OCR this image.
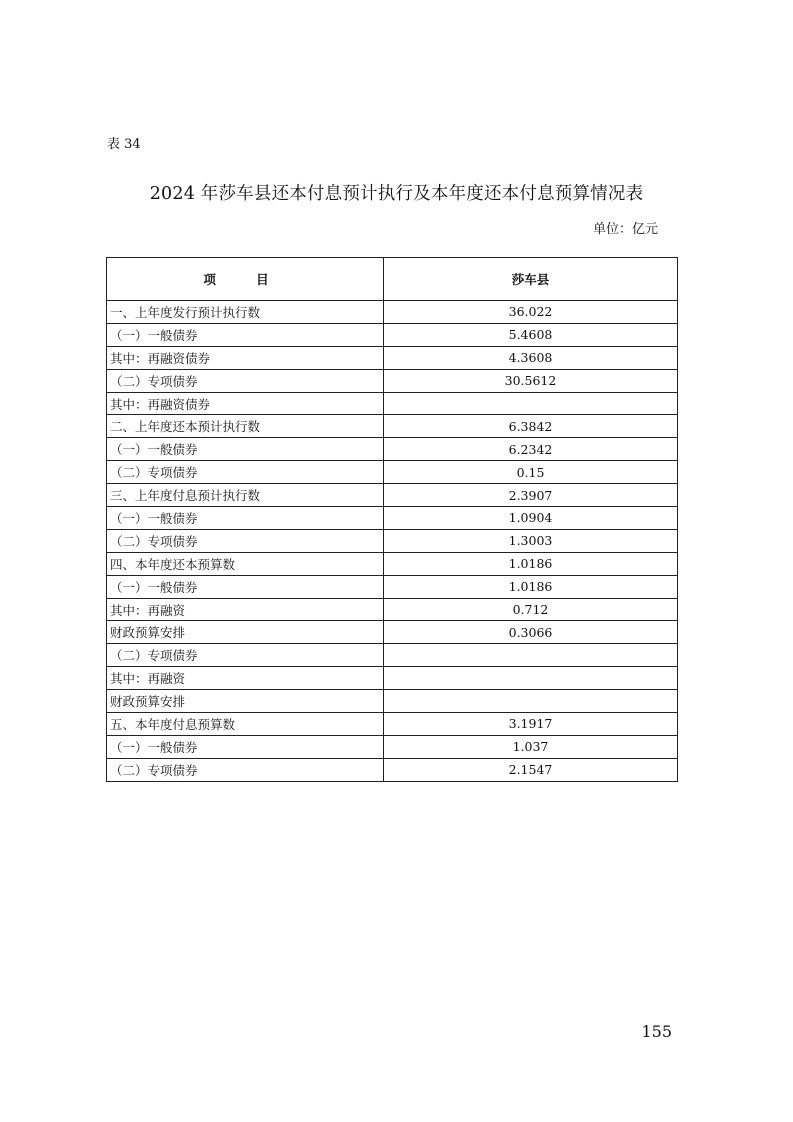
表 34
2024 年莎车县还本付息预计执行及本年度还本付息预算情况表
单位：亿元
项 目	莎车县
一、上年度发行预计执行数	36.022
（一）一般债券	5.4608
其中：再融资债券	4.3608
（二）专项债券	30.5612
其中：再融资债券	
二、上年度还本预计执行数	6.3842
（一）一般债券	6.2342
（二）专项债券	0.15
三、上年度付息预计执行数	2.3907
（一）一般债券	1.0904
（二）专项债券	1.3003
四、本年度还本预算数	1.0186
（一）一般债券	1.0186
其中：再融资	0.712
财政预算安排	0.3066
（二）专项债券	
其中：再融资	
财政预算安排	
五、本年度付息预算数	3.1917
（一）一般债券	1.037
（二）专项债券	2.1547
155
